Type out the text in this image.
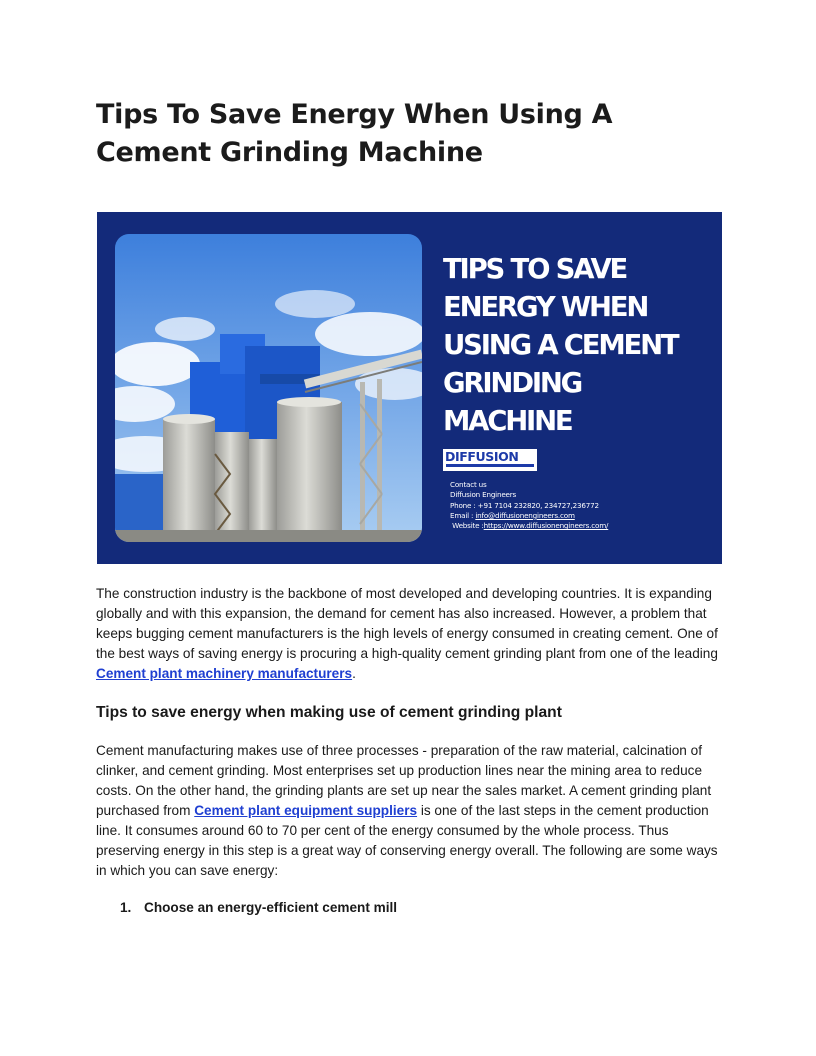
Tips To Save Energy When Using A Cement Grinding Machine
TIPS TO SAVE
ENERGY WHEN
USING A CEMENT
GRINDING
MACHINE
DIFFUSION
Contact us
Diffusion Engineers
Phone : +91 7104 232820, 234727,236772
Email : info@diffusionengineers.com
Website :https://www.diffusionengineers.com/

The construction industry is the backbone of most developed and developing countries. It is expanding globally and with this expansion, the demand for cement has also increased. However, a problem that keeps bugging cement manufacturers is the high levels of energy consumed in creating cement. One of the best ways of saving energy is procuring a high-quality cement grinding plant from one of the leading Cement plant machinery manufacturers.

Tips to save energy when making use of cement grinding plant

Cement manufacturing makes use of three processes - preparation of the raw material, calcination of clinker, and cement grinding. Most enterprises set up production lines near the mining area to reduce costs. On the other hand, the grinding plants are set up near the sales market. A cement grinding plant purchased from Cement plant equipment suppliers is one of the last steps in the cement production line. It consumes around 60 to 70 per cent of the energy consumed by the whole process. Thus preserving energy in this step is a great way of conserving energy overall. The following are some ways in which you can save energy:

1. Choose an energy-efficient cement mill
